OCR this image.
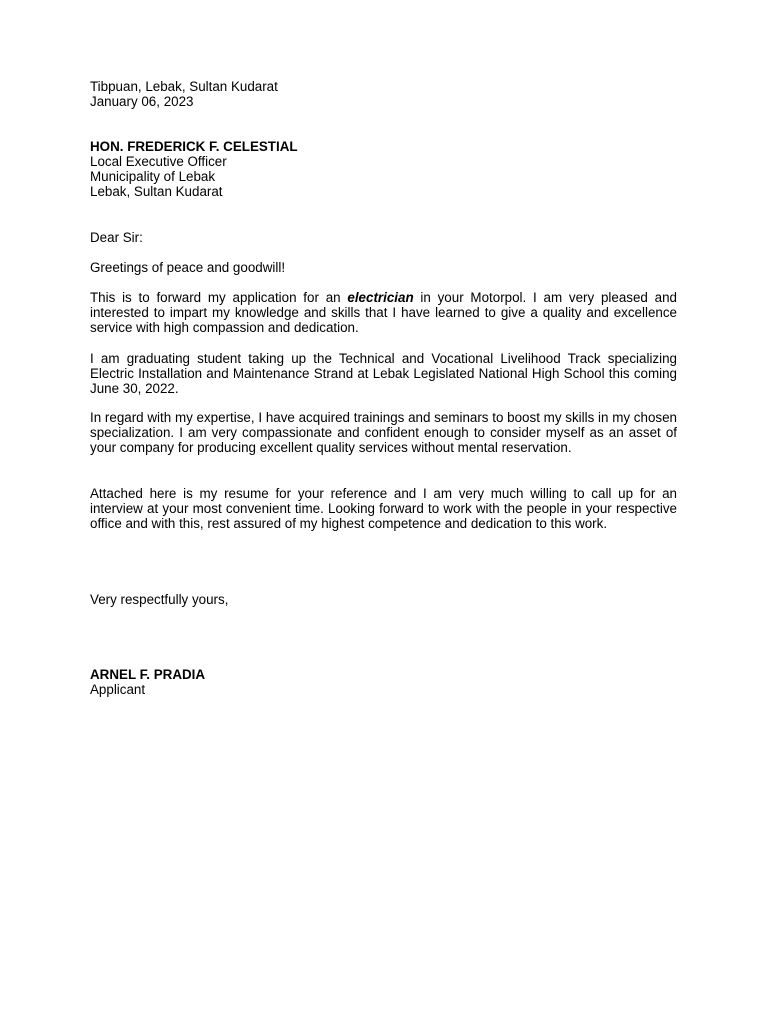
Tibpuan, Lebak, Sultan Kudarat
January 06, 2023
HON. FREDERICK F. CELESTIAL
Local Executive Officer
Municipality of Lebak
Lebak, Sultan Kudarat
Dear Sir:
Greetings of peace and goodwill!
This is to forward my application for an electrician in your Motorpol. I am very pleased and interested to impart my knowledge and skills that I have learned to give a quality and excellence service with high compassion and dedication.
I am graduating student taking up the Technical and Vocational Livelihood Track specializing Electric Installation and Maintenance Strand at Lebak Legislated National High School this coming June 30, 2022.
In regard with my expertise, I have acquired trainings and seminars to boost my skills in my chosen specialization. I am very compassionate and confident enough to consider myself as an asset of your company for producing excellent quality services without mental reservation.
Attached here is my resume for your reference and I am very much willing to call up for an interview at your most convenient time. Looking forward to work with the people in your respective office and with this, rest assured of my highest competence and dedication to this work.
Very respectfully yours,
ARNEL F. PRADIA
Applicant
